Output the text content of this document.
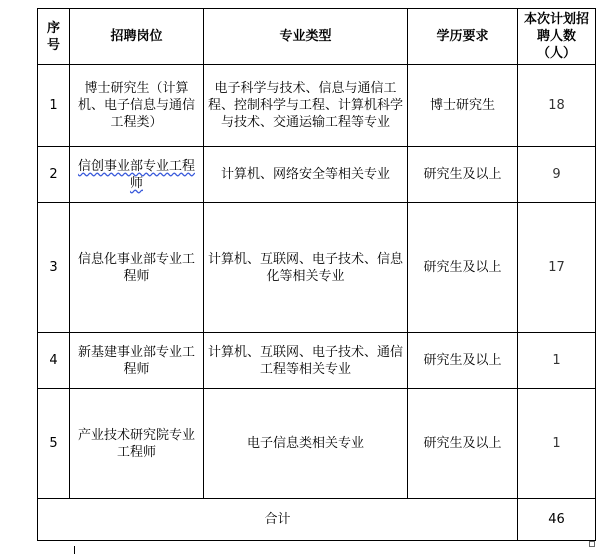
序号	招聘岗位	专业类型	学历要求	本次计划招聘人数（人）
1	博士研究生（计算机、电子信息与通信工程类）	电子科学与技术、信息与通信工程、控制科学与工程、计算机科学与技术、交通运输工程等专业	博士研究生	18
2	信创事业部专业工程师	计算机、网络安全等相关专业	研究生及以上	9
3	信息化事业部专业工程师	计算机、互联网、电子技术、信息化等相关专业	研究生及以上	17
4	新基建事业部专业工程师	计算机、互联网、电子技术、通信工程等相关专业	研究生及以上	1
5	产业技术研究院专业工程师	电子信息类相关专业	研究生及以上	1
合计				46
